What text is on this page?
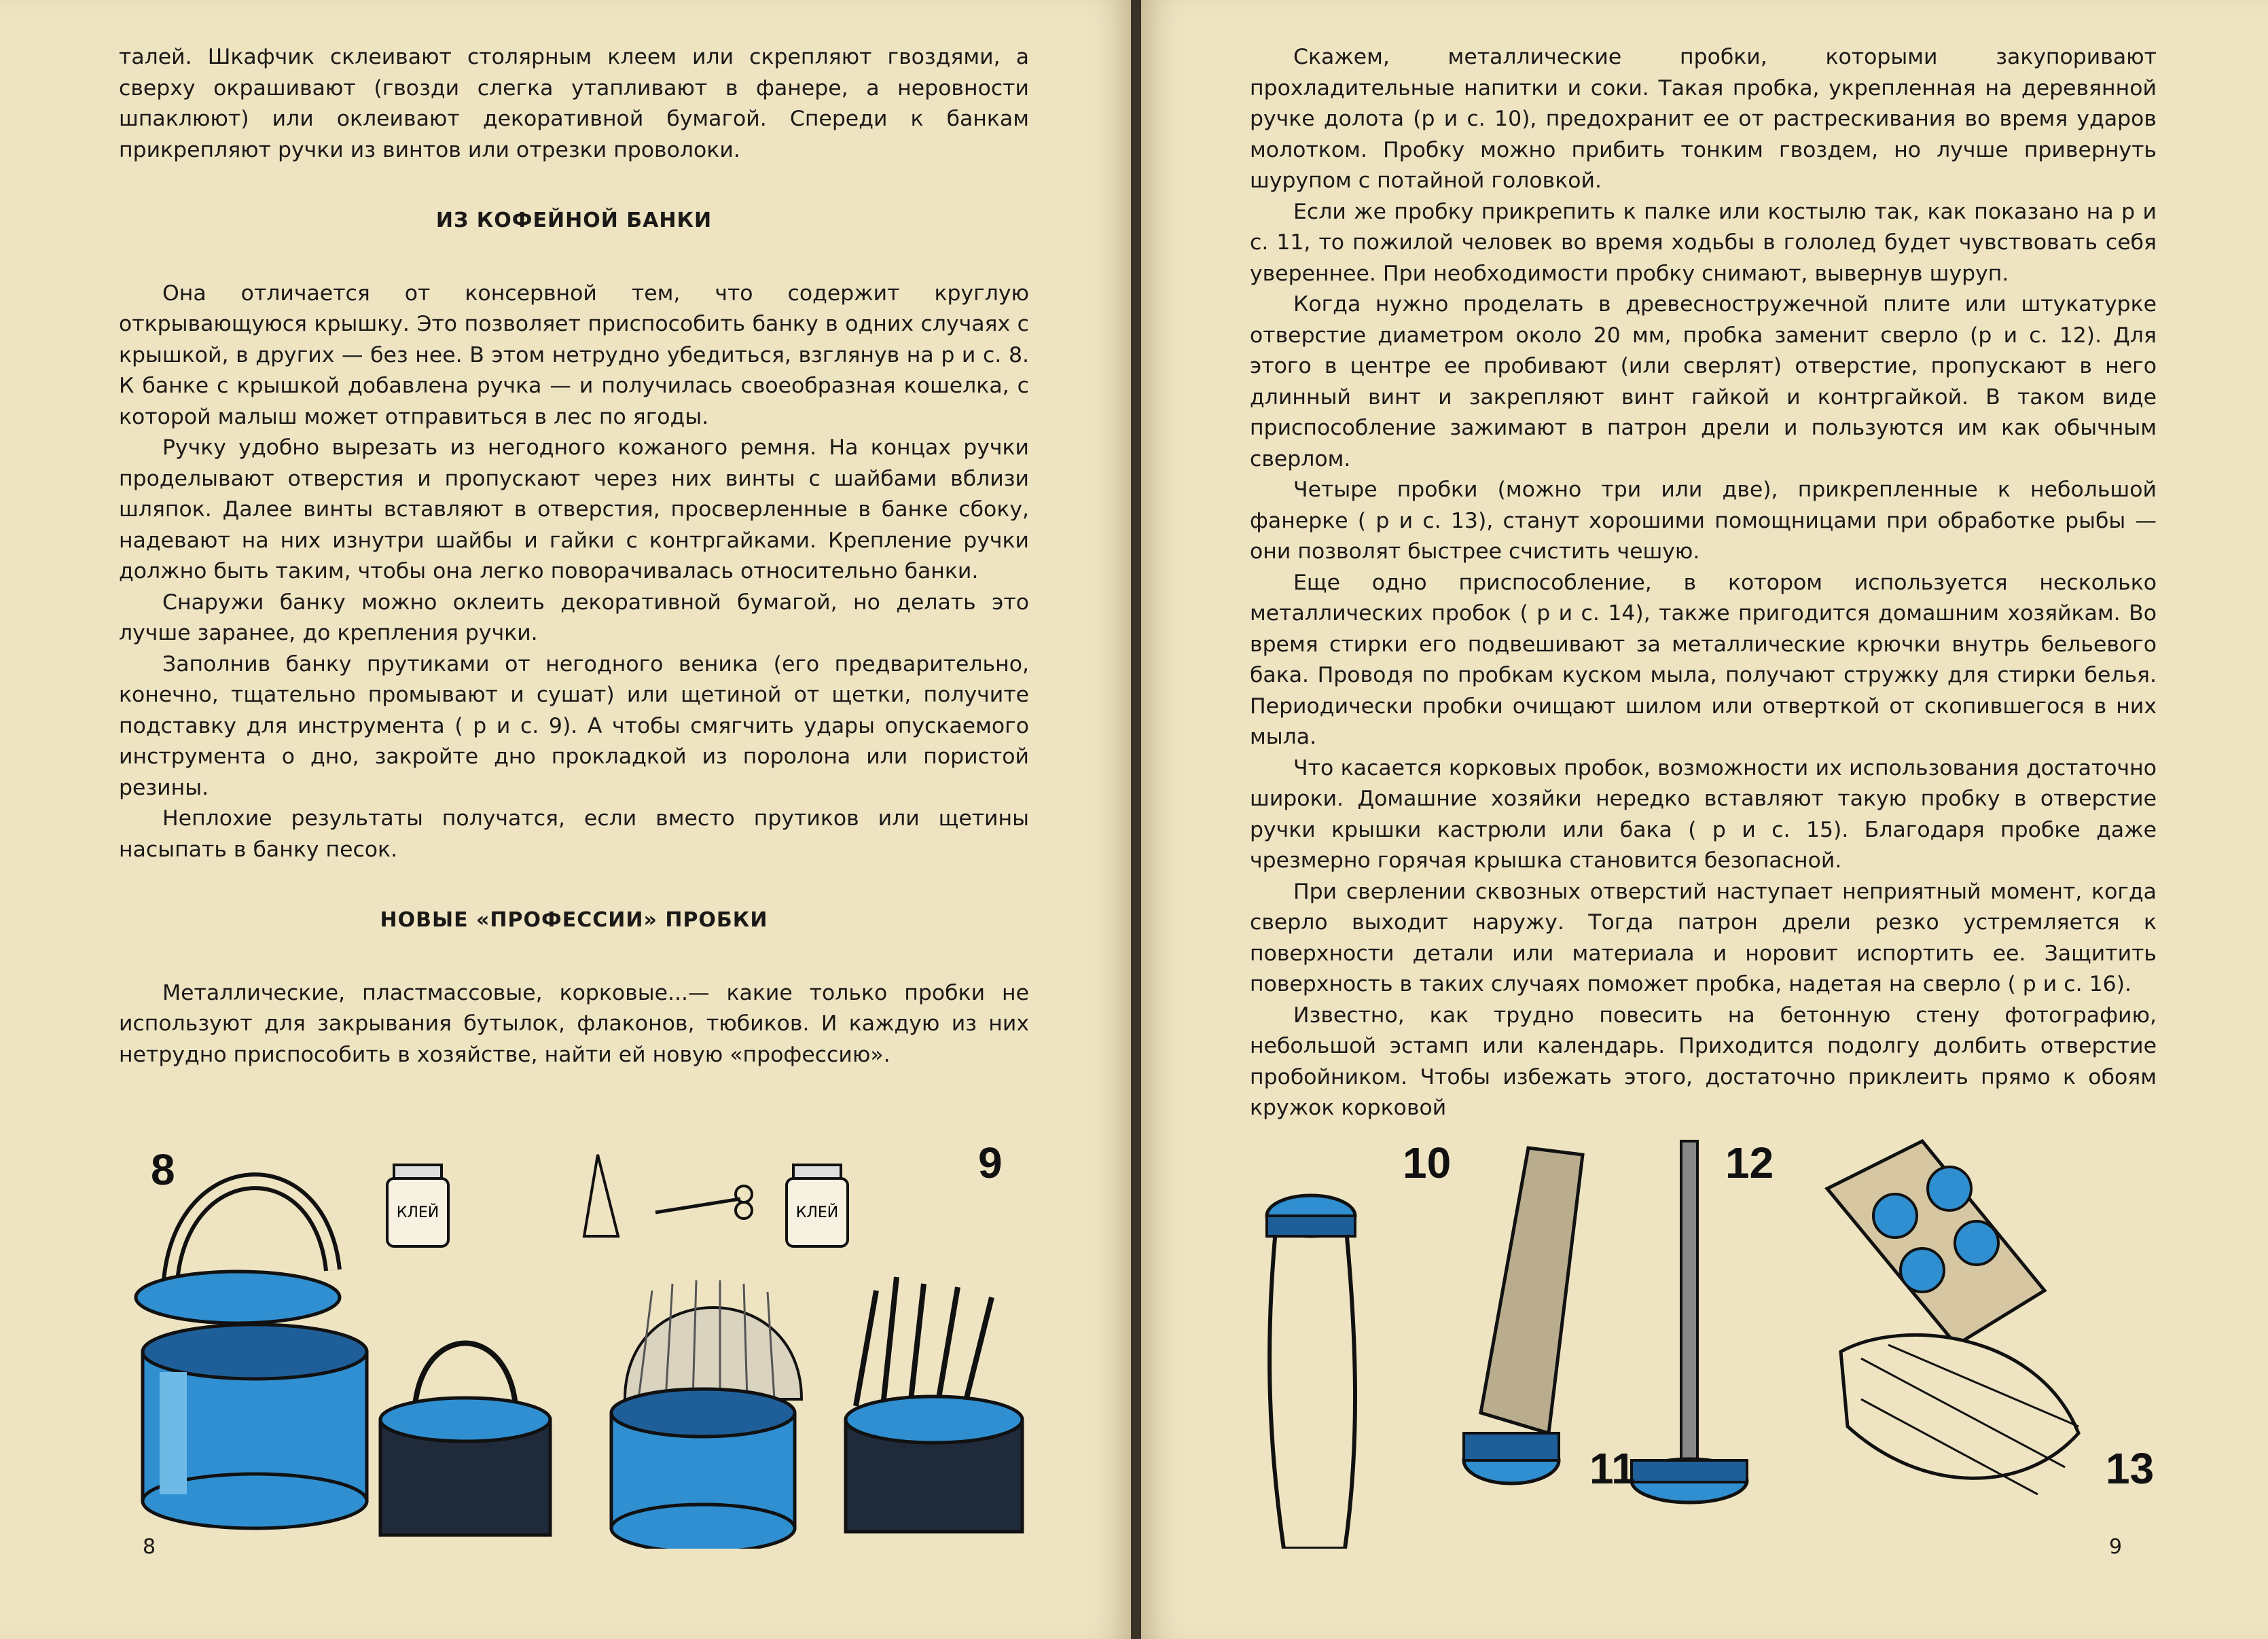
талей. Шкафчик склеивают столярным клеем или скрепляют гвоздями, а сверху окрашивают (гвозди слегка утапливают в фанере, а неровности шпаклюют) или оклеивают декоративной бумагой. Спереди к банкам прикрепляют ручки из винтов или отрезки проволоки.

ИЗ КОФЕЙНОЙ БАНКИ

Она отличается от консервной тем, что содержит круглую открывающуюся крышку. Это позволяет приспособить банку в одних случаях с крышкой, в других — без нее. В этом нетрудно убедиться, взглянув на р и с. 8. К банке с крышкой добавлена ручка — и получилась своеобразная кошелка, с которой малыш может отправиться в лес по ягоды.

Ручку удобно вырезать из негодного кожаного ремня. На концах ручки проделывают отверстия и пропускают через них винты с шайбами вблизи шляпок. Далее винты вставляют в отверстия, просверленные в банке сбоку, надевают на них изнутри шайбы и гайки с контргайками. Крепление ручки должно быть таким, чтобы она легко поворачивалась относительно банки.

Снаружи банку можно оклеить декоративной бумагой, но делать это лучше заранее, до крепления ручки.

Заполнив банку прутиками от негодного веника (его предварительно, конечно, тщательно промывают и сушат) или щетиной от щетки, получите подставку для инструмента ( р и с. 9). А чтобы смягчить удары опускаемого инструмента о дно, закройте дно прокладкой из поролона или пористой резины.

Неплохие результаты получатся, если вместо прутиков или щетины насыпать в банку песок.

НОВЫЕ «ПРОФЕССИИ» ПРОБКИ

Металлические, пластмассовые, корковые...— какие только пробки не используют для закрывания бутылок, флаконов, тюбиков. И каждую из них нетрудно приспособить в хозяйстве, найти ей новую «профессию».

КЛЕЙ	КЛЕЙ
8	9
8

Скажем, металлические пробки, которыми закупоривают прохладительные напитки и соки. Такая пробка, укрепленная на деревянной ручке долота (р и с. 10), предохранит ее от растрескивания во время ударов молотком. Пробку можно прибить тонким гвоздем, но лучше привернуть шурупом с потайной головкой.

Если же пробку прикрепить к палке или костылю так, как показано на р и с. 11, то пожилой человек во время ходьбы в гололед будет чувствовать себя увереннее. При необходимости пробку снимают, вывернув шуруп.

Когда нужно проделать в древесностружечной плите или штукатурке отверстие диаметром около 20 мм, пробка заменит сверло (р и с. 12). Для этого в центре ее пробивают (или сверлят) отверстие, пропускают в него длинный винт и закрепляют винт гайкой и контргайкой. В таком виде приспособление зажимают в патрон дрели и пользуются им как обычным сверлом.

Четыре пробки (можно три или две), прикрепленные к небольшой фанерке ( р и с. 13), станут хорошими помощницами при обработке рыбы — они позволят быстрее счистить чешую.

Еще одно приспособление, в котором используется несколько металлических пробок ( р и с. 14), также пригодится домашним хозяйкам. Во время стирки его подвешивают за металлические крючки внутрь бельевого бака. Проводя по пробкам куском мыла, получают стружку для стирки белья. Периодически пробки очищают шилом или отверткой от скопившегося в них мыла.

Что касается корковых пробок, возможности их использования достаточно широки. Домашние хозяйки нередко вставляют такую пробку в отверстие ручки крышки кастрюли или бака ( р и с. 15). Благодаря пробке даже чрезмерно горячая крышка становится безопасной.

При сверлении сквозных отверстий наступает неприятный момент, когда сверло выходит наружу. Тогда патрон дрели резко устремляется к поверхности детали или материала и норовит испортить ее. Защитить поверхность в таких случаях поможет пробка, надетая на сверло ( р и с. 16).

Известно, как трудно повесить на бетонную стену фотографию, небольшой эстамп или календарь. Приходится подолгу долбить отверстие пробойником. Чтобы избежать этого, достаточно приклеить прямо к обоям кружок корковой

10
11
12
13
9
